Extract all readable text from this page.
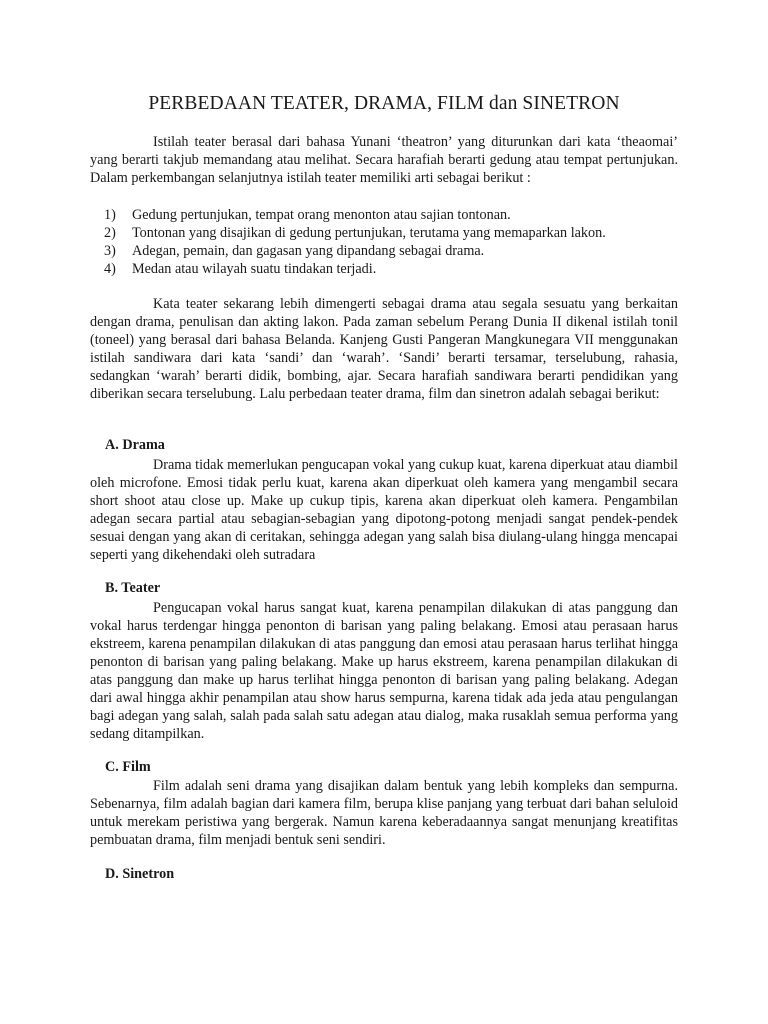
PERBEDAAN TEATER, DRAMA, FILM dan SINETRON

Istilah teater berasal dari bahasa Yunani ‘theatron’ yang diturunkan dari kata ‘theaomai’ yang berarti takjub memandang atau melihat. Secara harafiah berarti gedung atau tempat pertunjukan. Dalam perkembangan selanjutnya istilah teater memiliki arti sebagai berikut :

1) Gedung pertunjukan, tempat orang menonton atau sajian tontonan.
2) Tontonan yang disajikan di gedung pertunjukan, terutama yang memaparkan lakon.
3) Adegan, pemain, dan gagasan yang dipandang sebagai drama.
4) Medan atau wilayah suatu tindakan terjadi.

Kata teater sekarang lebih dimengerti sebagai drama atau segala sesuatu yang berkaitan dengan drama, penulisan dan akting lakon. Pada zaman sebelum Perang Dunia II dikenal istilah tonil (toneel) yang berasal dari bahasa Belanda. Kanjeng Gusti Pangeran Mangkunegara VII menggunakan istilah sandiwara dari kata ‘sandi’ dan ‘warah’. ‘Sandi’ berarti tersamar, terselubung, rahasia, sedangkan ‘warah’ berarti didik, bombing, ajar. Secara harafiah sandiwara berarti pendidikan yang diberikan secara terselubung. Lalu perbedaan teater drama, film dan sinetron adalah sebagai berikut:

A. Drama

Drama tidak memerlukan pengucapan vokal yang cukup kuat, karena diperkuat atau diambil oleh microfone. Emosi tidak perlu kuat, karena akan diperkuat oleh kamera yang mengambil secara short shoot atau close up. Make up cukup tipis, karena akan diperkuat oleh kamera. Pengambilan adegan secara partial atau sebagian-sebagian yang dipotong-potong menjadi sangat pendek-pendek sesuai dengan yang akan di ceritakan, sehingga adegan yang salah bisa diulang-ulang hingga mencapai seperti yang dikehendaki oleh sutradara

B. Teater

Pengucapan vokal harus sangat kuat, karena penampilan dilakukan di atas panggung dan vokal harus terdengar hingga penonton di barisan yang paling belakang. Emosi atau perasaan harus ekstreem, karena penampilan dilakukan di atas panggung dan emosi atau perasaan harus terlihat hingga penonton di barisan yang paling belakang. Make up harus ekstreem, karena penampilan dilakukan di atas panggung dan make up harus terlihat hingga penonton di barisan yang paling belakang. Adegan dari awal hingga akhir penampilan atau show harus sempurna, karena tidak ada jeda atau pengulangan bagi adegan yang salah, salah pada salah satu adegan atau dialog, maka rusaklah semua performa yang sedang ditampilkan.

C. Film

Film adalah seni drama yang disajikan dalam bentuk yang lebih kompleks dan sempurna. Sebenarnya, film adalah bagian dari kamera film, berupa klise panjang yang terbuat dari bahan seluloid untuk merekam peristiwa yang bergerak. Namun karena keberadaannya sangat menunjang kreatifitas pembuatan drama, film menjadi bentuk seni sendiri.

D. Sinetron
